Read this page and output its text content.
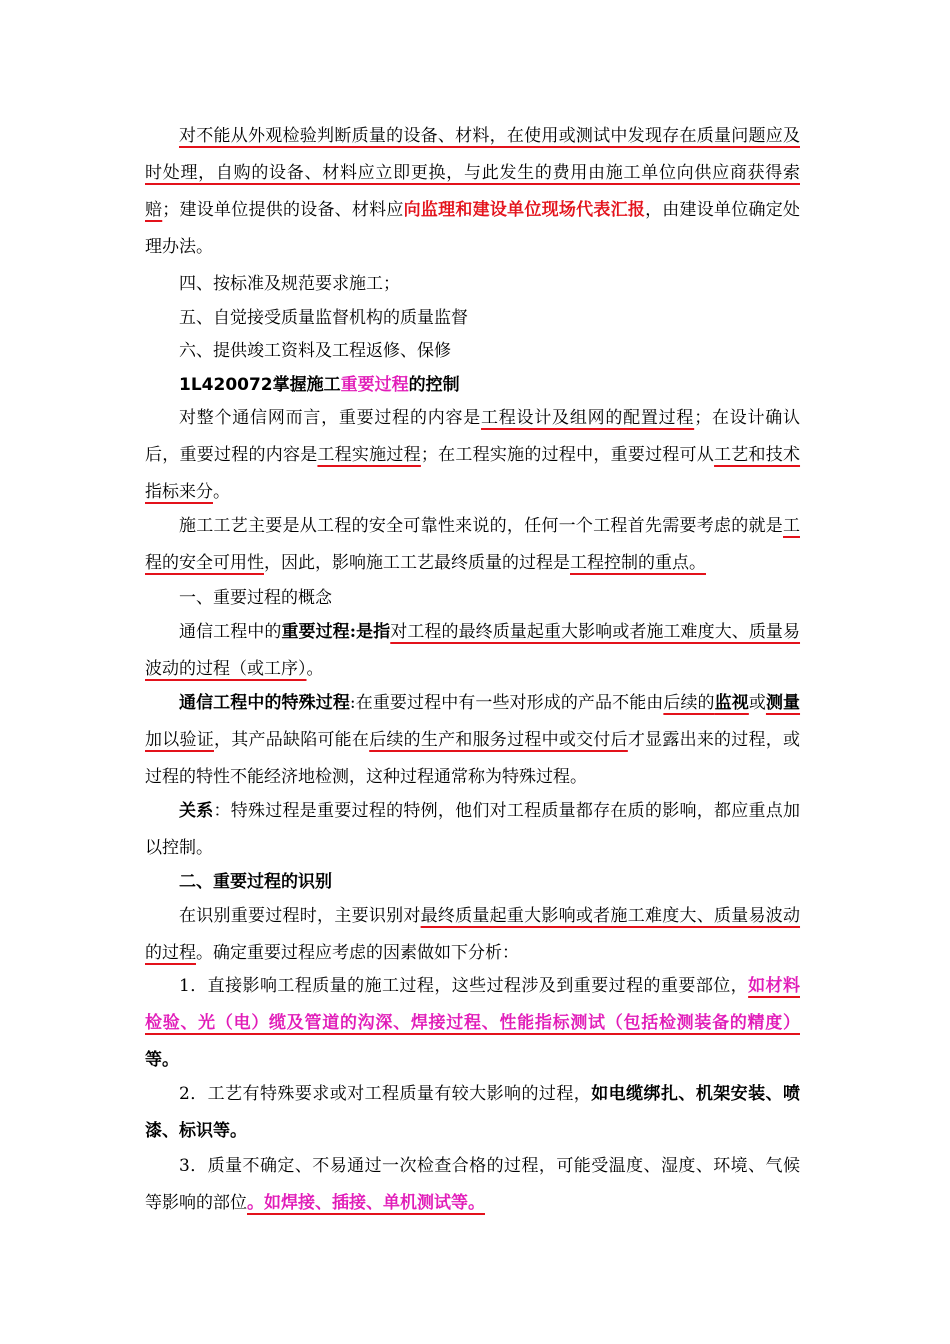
对不能从外观检验判断质量的设备、材料，在使用或测试中发现存在质量问题应及时处理，自购的设备、材料应立即更换，与此发生的费用由施工单位向供应商获得索赔；建设单位提供的设备、材料应向监理和建设单位现场代表汇报，由建设单位确定处理办法。

四、按标准及规范要求施工；

五、自觉接受质量监督机构的质量监督

六、提供竣工资料及工程返修、保修

1L420072掌握施工重要过程的控制

对整个通信网而言，重要过程的内容是工程设计及组网的配置过程；在设计确认后，重要过程的内容是工程实施过程；在工程实施的过程中，重要过程可从工艺和技术指标来分。

施工工艺主要是从工程的安全可靠性来说的，任何一个工程首先需要考虑的就是工程的安全可用性，因此，影响施工工艺最终质量的过程是工程控制的重点。

一、重要过程的概念

通信工程中的重要过程:是指对工程的最终质量起重大影响或者施工难度大、质量易波动的过程（或工序）。

通信工程中的特殊过程:在重要过程中有一些对形成的产品不能由后续的监视或测量加以验证，其产品缺陷可能在后续的生产和服务过程中或交付后才显露出来的过程，或过程的特性不能经济地检测，这种过程通常称为特殊过程。

关系：特殊过程是重要过程的特例，他们对工程质量都存在质的影响，都应重点加以控制。

二、重要过程的识别

在识别重要过程时，主要识别对最终质量起重大影响或者施工难度大、质量易波动的过程。确定重要过程应考虑的因素做如下分析：

1．直接影响工程质量的施工过程，这些过程涉及到重要过程的重要部位，如材料检验、光（电）缆及管道的沟深、焊接过程、性能指标测试（包括检测装备的精度）等。

2．工艺有特殊要求或对工程质量有较大影响的过程，如电缆绑扎、机架安装、喷漆、标识等。

3．质量不确定、不易通过一次检查合格的过程，可能受温度、湿度、环境、气候等影响的部位。如焊接、插接、单机测试等。
